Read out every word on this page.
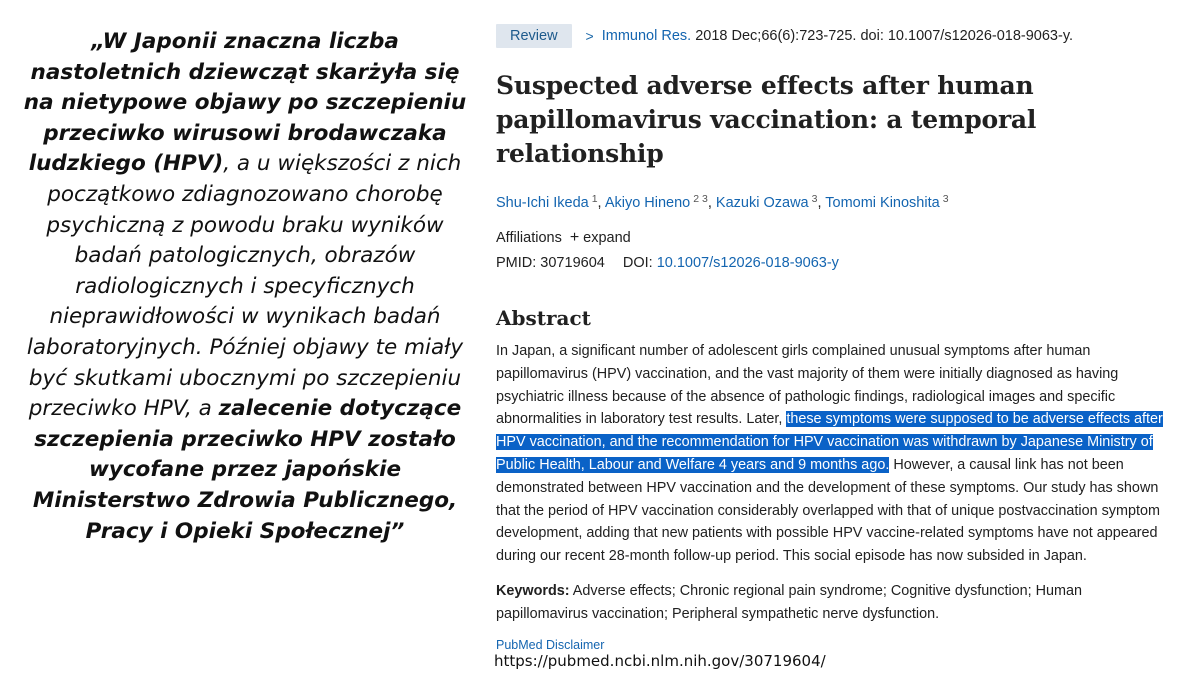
„W Japonii znaczna liczba nastoletnich dziewcząt skarżyła się na nietypowe objawy po szczepieniu przeciwko wirusowi brodawczaka ludzkiego (HPV), a u większości z nich początkowo zdiagnozowano chorobę psychiczną z powodu braku wyników badań patologicznych, obrazów radiologicznych i specyficznych nieprawidłowości w wynikach badań laboratoryjnych. Później objawy te miały być skutkami ubocznymi po szczepieniu przeciwko HPV, a zalecenie dotyczące szczepienia przeciwko HPV zostało wycofane przez japońskie Ministerstwo Zdrowia Publicznego, Pracy i Opieki Społecznej”
Review	> Immunol Res. 2018 Dec;66(6):723-725. doi: 10.1007/s12026-018-9063-y.
Suspected adverse effects after human papillomavirus vaccination: a temporal relationship
Shu-Ichi Ikeda $^1$, Akiyo Hineno $^{2 3}$, Kazuki Ozawa $^3$, Tomomi Kinoshita $^3$
Affiliations + expand
PMID: 30719604 DOI: 10.1007/s12026-018-9063-y
Abstract
In Japan, a significant number of adolescent girls complained unusual symptoms after human papillomavirus (HPV) vaccination, and the vast majority of them were initially diagnosed as having psychiatric illness because of the absence of pathologic findings, radiological images and specific abnormalities in laboratory test results. Later, these symptoms were supposed to be adverse effects after HPV vaccination, and the recommendation for HPV vaccination was withdrawn by Japanese Ministry of Public Health, Labour and Welfare 4 years and 9 months ago. However, a causal link has not been demonstrated between HPV vaccination and the development of these symptoms. Our study has shown that the period of HPV vaccination considerably overlapped with that of unique postvaccination symptom development, adding that new patients with possible HPV vaccine-related symptoms have not appeared during our recent 28-month follow-up period. This social episode has now subsided in Japan.
Keywords: Adverse effects; Chronic regional pain syndrome; Cognitive dysfunction; Human papillomavirus vaccination; Peripheral sympathetic nerve dysfunction.
PubMed Disclaimer
https://pubmed.ncbi.nlm.nih.gov/30719604/
